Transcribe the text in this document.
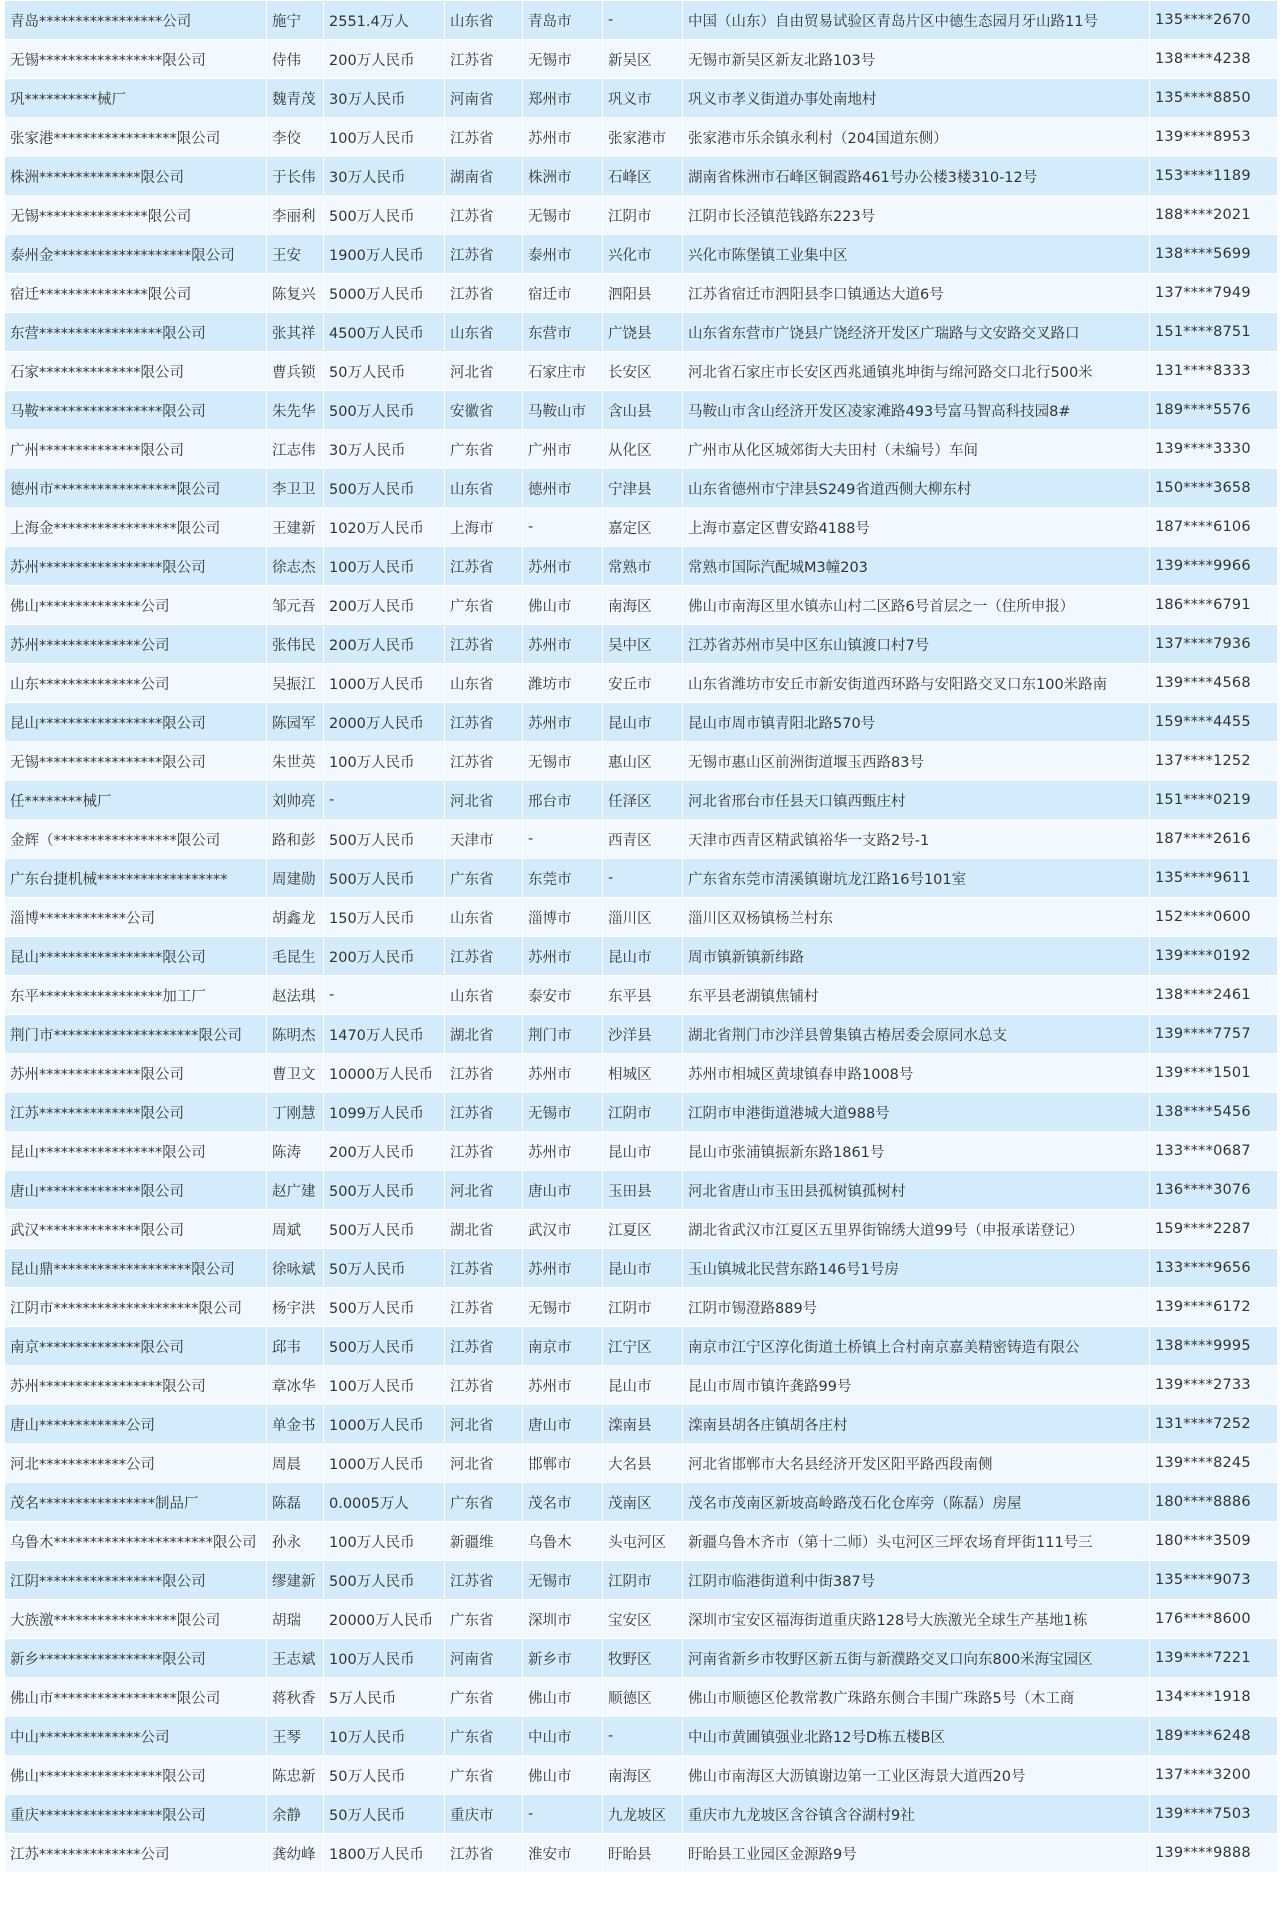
青岛*****************公司	施宁	2551.4万人	山东省	青岛市	-	中国（山东）自由贸易试验区青岛片区中德生态园月牙山路11号	135****2670
无锡*****************限公司	侍伟	200万人民币	江苏省	无锡市	新吴区	无锡市新吴区新友北路103号	138****4238
巩**********械厂	魏青茂	30万人民币	河南省	郑州市	巩义市	巩义市孝义街道办事处南地村	135****8850
张家港*****************限公司	李佼	100万人民币	江苏省	苏州市	张家港市	张家港市乐余镇永利村（204国道东侧）	139****8953
株洲**************限公司	于长伟	30万人民币	湖南省	株洲市	石峰区	湖南省株洲市石峰区铜霞路461号办公楼3楼310-12号	153****1189
无锡***************限公司	李丽利	500万人民币	江苏省	无锡市	江阴市	江阴市长泾镇范钱路东223号	188****2021
泰州金*******************限公司	王安	1900万人民币	江苏省	泰州市	兴化市	兴化市陈堡镇工业集中区	138****5699
宿迁***************限公司	陈复兴	5000万人民币	江苏省	宿迁市	泗阳县	江苏省宿迁市泗阳县李口镇通达大道6号	137****7949
东营*****************限公司	张其祥	4500万人民币	山东省	东营市	广饶县	山东省东营市广饶县广饶经济开发区广瑞路与文安路交叉路口	151****8751
石家**************限公司	曹兵锁	50万人民币	河北省	石家庄市	长安区	河北省石家庄市长安区西兆通镇兆坤街与绵河路交口北行500米	131****8333
马鞍*****************限公司	朱先华	500万人民币	安徽省	马鞍山市	含山县	马鞍山市含山经济开发区凌家滩路493号富马智高科技园8#	189****5576
广州**************限公司	江志伟	30万人民币	广东省	广州市	从化区	广州市从化区城郊街大夫田村（未编号）车间	139****3330
德州市*****************限公司	李卫卫	500万人民币	山东省	德州市	宁津县	山东省德州市宁津县S249省道西侧大柳东村	150****3658
上海金*****************限公司	王建新	1020万人民币	上海市	-	嘉定区	上海市嘉定区曹安路4188号	187****6106
苏州*****************限公司	徐志杰	100万人民币	江苏省	苏州市	常熟市	常熟市国际汽配城M3幢203	139****9966
佛山**************公司	邹元吾	200万人民币	广东省	佛山市	南海区	佛山市南海区里水镇赤山村二区路6号首层之一（住所申报）	186****6791
苏州**************公司	张伟民	200万人民币	江苏省	苏州市	吴中区	江苏省苏州市吴中区东山镇渡口村7号	137****7936
山东**************公司	吴振江	1000万人民币	山东省	潍坊市	安丘市	山东省潍坊市安丘市新安街道西环路与安阳路交叉口东100米路南	139****4568
昆山*****************限公司	陈园军	2000万人民币	江苏省	苏州市	昆山市	昆山市周市镇青阳北路570号	159****4455
无锡*****************限公司	朱世英	100万人民币	江苏省	无锡市	惠山区	无锡市惠山区前洲街道堰玉西路83号	137****1252
任********械厂	刘帅亮	-	河北省	邢台市	任泽区	河北省邢台市任县天口镇西甄庄村	151****0219
金辉（*****************限公司	路和彭	500万人民币	天津市	-	西青区	天津市西青区精武镇裕华一支路2号-1	187****2616
广东台捷机械******************	周建勋	500万人民币	广东省	东莞市	-	广东省东莞市清溪镇谢坑龙江路16号101室	135****9611
淄博************公司	胡鑫龙	150万人民币	山东省	淄博市	淄川区	淄川区双杨镇杨兰村东	152****0600
昆山*****************限公司	毛昆生	200万人民币	江苏省	苏州市	昆山市	周市镇新镇新纬路	139****0192
东平*****************加工厂	赵法琪	-	山东省	泰安市	东平县	东平县老湖镇焦铺村	138****2461
荆门市********************限公司	陈明杰	1470万人民币	湖北省	荆门市	沙洋县	湖北省荆门市沙洋县曾集镇古椿居委会原同水总支	139****7757
苏州**************限公司	曹卫文	10000万人民币	江苏省	苏州市	相城区	苏州市相城区黄埭镇春申路1008号	139****1501
江苏**************限公司	丁刚慧	1099万人民币	江苏省	无锡市	江阴市	江阴市申港街道港城大道988号	138****5456
昆山*****************限公司	陈涛	200万人民币	江苏省	苏州市	昆山市	昆山市张浦镇振新东路1861号	133****0687
唐山**************限公司	赵广建	500万人民币	河北省	唐山市	玉田县	河北省唐山市玉田县孤树镇孤树村	136****3076
武汉**************限公司	周斌	500万人民币	湖北省	武汉市	江夏区	湖北省武汉市江夏区五里界街锦绣大道99号（申报承诺登记）	159****2287
昆山鼎*******************限公司	徐咏斌	50万人民币	江苏省	苏州市	昆山市	玉山镇城北民营东路146号1号房	133****9656
江阴市********************限公司	杨宇洪	500万人民币	江苏省	无锡市	江阴市	江阴市锡澄路889号	139****6172
南京**************限公司	邱韦	500万人民币	江苏省	南京市	江宁区	南京市江宁区淳化街道土桥镇上合村南京嘉美精密铸造有限公	138****9995
苏州*****************限公司	章冰华	100万人民币	江苏省	苏州市	昆山市	昆山市周市镇许龚路99号	139****2733
唐山************公司	单金书	1000万人民币	河北省	唐山市	滦南县	滦南县胡各庄镇胡各庄村	131****7252
河北************公司	周晨	1000万人民币	河北省	邯郸市	大名县	河北省邯郸市大名县经济开发区阳平路西段南侧	139****8245
茂名****************制品厂	陈磊	0.0005万人	广东省	茂名市	茂南区	茂名市茂南区新坡高岭路茂石化仓库旁（陈磊）房屋	180****8886
乌鲁木**********************限公司	孙永	100万人民币	新疆维	乌鲁木	头屯河区	新疆乌鲁木齐市（第十二师）头屯河区三坪农场育坪街111号三	180****3509
江阴*****************限公司	缪建新	500万人民币	江苏省	无锡市	江阴市	江阴市临港街道利中街387号	135****9073
大族激*****************限公司	胡瑞	20000万人民币	广东省	深圳市	宝安区	深圳市宝安区福海街道重庆路128号大族激光全球生产基地1栋	176****8600
新乡*****************限公司	王志斌	100万人民币	河南省	新乡市	牧野区	河南省新乡市牧野区新五街与新濮路交叉口向东800米海宝园区	139****7221
佛山市*****************限公司	蒋秋香	5万人民币	广东省	佛山市	顺德区	佛山市顺德区伦教常教广珠路东侧合丰围广珠路5号（木工商	134****1918
中山**************公司	王琴	10万人民币	广东省	中山市	-	中山市黄圃镇强业北路12号D栋五楼B区	189****6248
佛山*****************限公司	陈忠新	50万人民币	广东省	佛山市	南海区	佛山市南海区大沥镇谢边第一工业区海景大道西20号	137****3200
重庆*****************限公司	余静	50万人民币	重庆市	-	九龙坡区	重庆市九龙坡区含谷镇含谷湖村9社	139****7503
江苏**************公司	龚幼峰	1800万人民币	江苏省	淮安市	盱眙县	盱眙县工业园区金源路9号	139****9888
